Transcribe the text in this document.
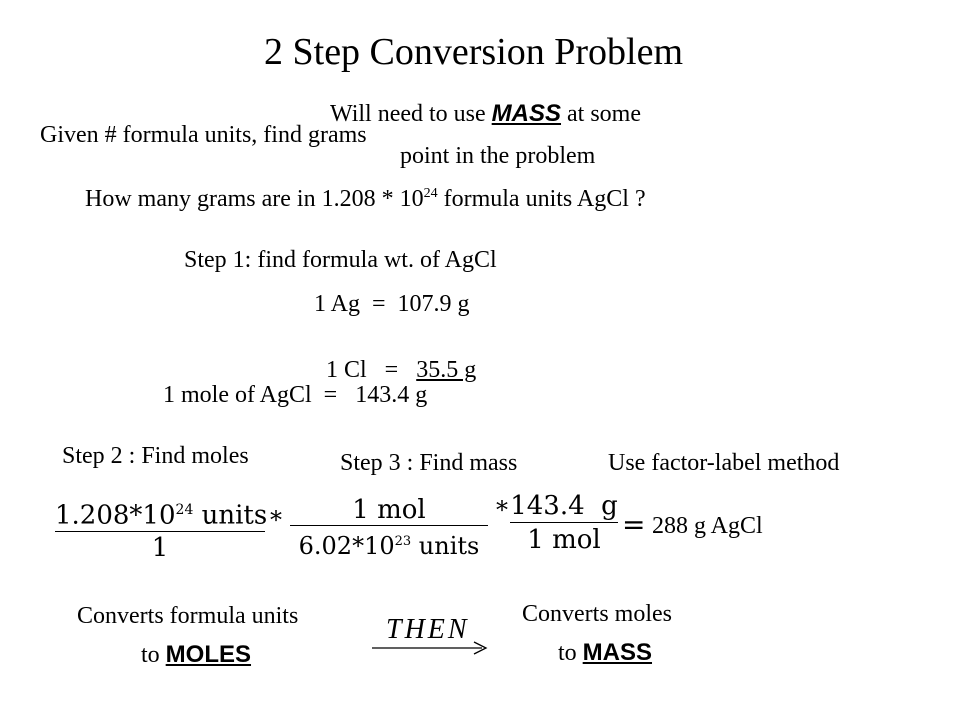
2 Step Conversion Problem
Will need to use MASS at some
point in the problem
Given # formula units, find grams
How many grams are in $1.208 * 10^{24}$ formula units AgCl ?
Step 1: find formula wt. of AgCl
1 Ag  =  107.9 g

1 Cl   =   35.5 g

1 mole of AgCl  =   143.4 g
Step 2 : Find moles	Step 3 : Find mass	Use factor-label method
$1.208*10^{24}$ units
1
*	1 mol
$6.02*10^{23}$ units
* 143.4  g
1 mol = 288 g AgCl
Converts formula units
to MOLES
THEN Converts moles
to MASS
